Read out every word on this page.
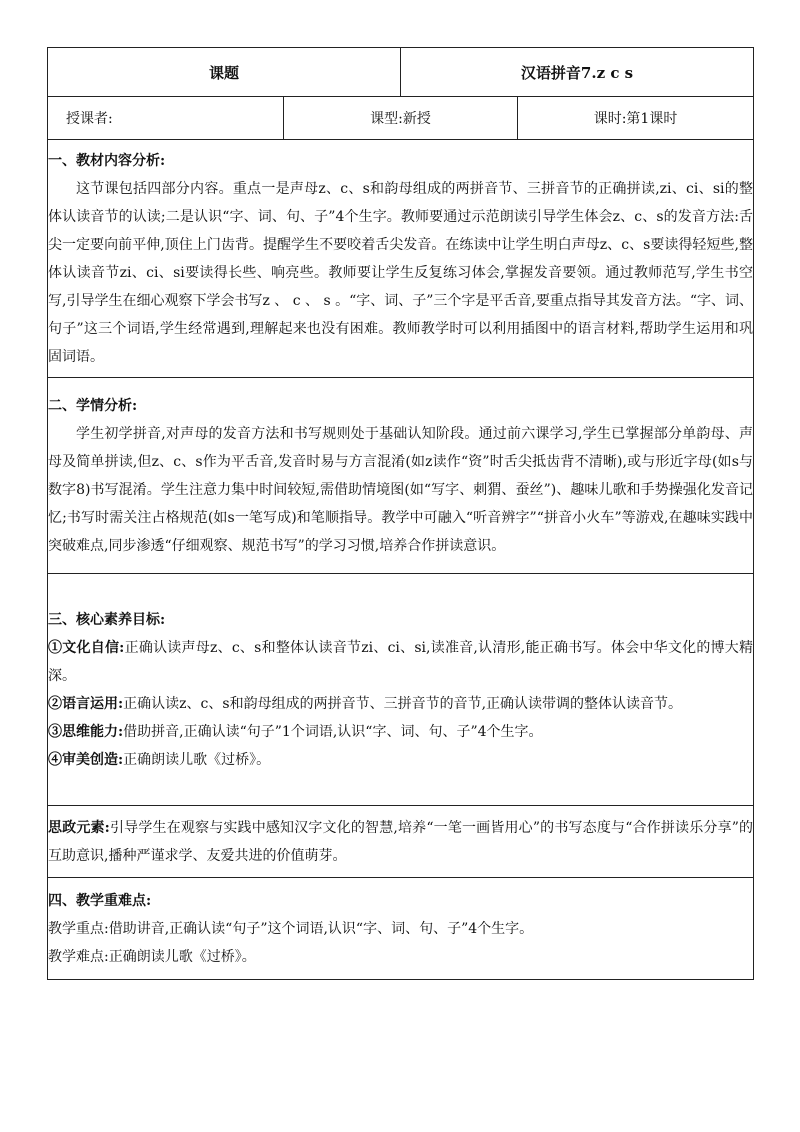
课题		汉语拼音7.z c s	
授课者:	课型:新授		课时:第1课时

一、教材内容分析:

这节课包括四部分内容。重点一是声母z、c、s和韵母组成的两拼音节、三拼音节的正确拼读,zi、ci、si的整体认读音节的认读;二是认识“字、词、句、子”4个生字。教师要通过示范朗读引导学生体会z、c、s的发音方法:舌尖一定要向前平伸,顶住上门齿背。提醒学生不要咬着舌尖发音。在练读中让学生明白声母z、c、s要读得轻短些,整体认读音节zi、ci、si要读得长些、响亮些。教师要让学生反复练习体会,掌握发音要领。通过教师范写,学生书空写,引导学生在细心观察下学会书写z 、 c 、 s 。“字、词、子”三个字是平舌音,要重点指导其发音方法。“字、词、句子”这三个词语,学生经常遇到,理解起来也没有困难。教师教学时可以利用插图中的语言材料,帮助学生运用和巩固词语。			

二、学情分析:

学生初学拼音,对声母的发音方法和书写规则处于基础认知阶段。通过前六课学习,学生已掌握部分单韵母、声母及简单拼读,但z、c、s作为平舌音,发音时易与方言混淆(如z读作“资”时舌尖抵齿背不清晰),或与形近字母(如s与数字8)书写混淆。学生注意力集中时间较短,需借助情境图(如“写字、刺猬、蚕丝”)、趣味儿歌和手势操强化发音记忆;书写时需关注占格规范(如s一笔写成)和笔顺指导。教学中可融入“听音辨字”“拼音小火车”等游戏,在趣味实践中突破难点,同步渗透“仔细观察、规范书写”的学习习惯,培养合作拼读意识。			

三、核心素养目标:

①文化自信:正确认读声母z、c、s和整体认读音节zi、ci、si,读准音,认清形,能正确书写。体会中华文化的博大精深。

②语言运用:正确认读z、c、s和韵母组成的两拼音节、三拼音节的音节,正确认读带调的整体认读音节。

③思维能力:借助拼音,正确认读“句子”1个词语,认识“字、词、句、子”4个生字。

④审美创造:正确朗读儿歌《过桥》。			

思政元素:引导学生在观察与实践中感知汉字文化的智慧,培养“一笔一画皆用心”的书写态度与“合作拼读乐分享”的互助意识,播种严谨求学、友爱共进的价值萌芽。			

四、教学重难点:

教学重点:借助讲音,正确认读“句子”这个词语,认识“字、词、句、子”4个生字。

教学难点:正确朗读儿歌《过桥》。			
